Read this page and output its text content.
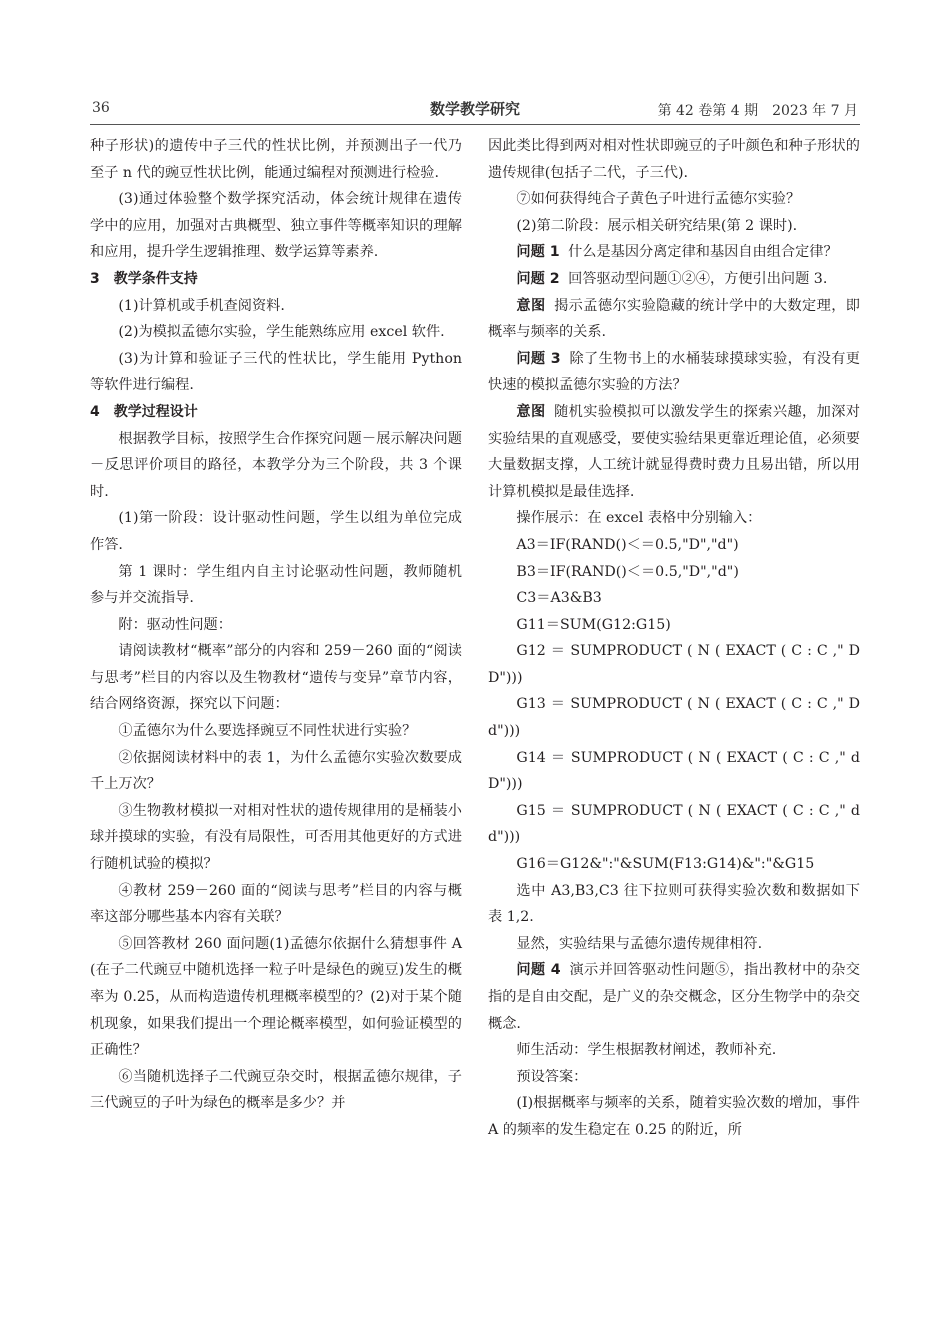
36	数学教学研究	第 42 卷第 4 期　2023 年 7 月

种子形状)的遗传中子三代的性状比例，并预测出子一代乃至子 n 代的豌豆性状比例，能通过编程对预测进行检验.

(3)通过体验整个数学探究活动，体会统计规律在遗传学中的应用，加强对古典概型、独立事件等概率知识的理解和应用，提升学生逻辑推理、数学运算等素养.

3　教学条件支持

(1)计算机或手机查阅资料.

(2)为模拟孟德尔实验，学生能熟练应用 excel 软件.

(3)为计算和验证子三代的性状比，学生能用 Python 等软件进行编程.

4　教学过程设计

根据教学目标，按照学生合作探究问题－展示解决问题－反思评价项目的路径，本教学分为三个阶段，共 3 个课时.

(1)第一阶段：设计驱动性问题，学生以组为单位完成作答.

第 1 课时：学生组内自主讨论驱动性问题，教师随机参与并交流指导.

附：驱动性问题：

请阅读教材“概率”部分的内容和 259－260 面的“阅读与思考”栏目的内容以及生物教材“遗传与变异”章节内容，结合网络资源，探究以下问题：

①孟德尔为什么要选择豌豆不同性状进行实验？

②依据阅读材料中的表 1，为什么孟德尔实验次数要成千上万次？

③生物教材模拟一对相对性状的遗传规律用的是桶装小球并摸球的实验，有没有局限性，可否用其他更好的方式进行随机试验的模拟？

④教材 259－260 面的“阅读与思考”栏目的内容与概率这部分哪些基本内容有关联？

⑤回答教材 260 面问题(1)孟德尔依据什么猜想事件 A(在子二代豌豆中随机选择一粒子叶是绿色的豌豆)发生的概率为 0.25，从而构造遗传机理概率模型的？(2)对于某个随机现象，如果我们提出一个理论概率模型，如何验证模型的正确性？

⑥当随机选择子二代豌豆杂交时，根据孟德尔规律，子三代豌豆的子叶为绿色的概率是多少？并

因此类比得到两对相对性状即豌豆的子叶颜色和种子形状的遗传规律(包括子二代，子三代).

⑦如何获得纯合子黄色子叶进行孟德尔实验？

(2)第二阶段：展示相关研究结果(第 2 课时).

问题 1 什么是基因分离定律和基因自由组合定律？

问题 2 回答驱动型问题①②④，方便引出问题 3.

意图 揭示孟德尔实验隐藏的统计学中的大数定理，即概率与频率的关系.

问题 3 除了生物书上的水桶装球摸球实验，有没有更快速的模拟孟德尔实验的方法？

意图 随机实验模拟可以激发学生的探索兴趣，加深对实验结果的直观感受，要使实验结果更靠近理论值，必须要大量数据支撑，人工统计就显得费时费力且易出错，所以用计算机模拟是最佳选择.

操作展示：在 excel 表格中分别输入：

A3＝IF(RAND()＜＝0.5,"D","d")

B3＝IF(RAND()＜＝0.5,"D","d")

C3＝A3&B3

G11＝SUM(G12:G15)

G12 ＝ SUMPRODUCT ( N ( EXACT ( C : C ," DD")))

G13 ＝ SUMPRODUCT ( N ( EXACT ( C : C ," Dd")))

G14 ＝ SUMPRODUCT ( N ( EXACT ( C : C ," dD")))

G15 ＝ SUMPRODUCT ( N ( EXACT ( C : C ," dd")))

G16＝G12&":"&SUM(F13:G14)&":"&G15

选中 A3,B3,C3 往下拉则可获得实验次数和数据如下表 1,2.

显然，实验结果与孟德尔遗传规律相符.

问题 4 演示并回答驱动性问题⑤，指出教材中的杂交指的是自由交配，是广义的杂交概念，区分生物学中的杂交概念.

师生活动：学生根据教材阐述，教师补充.

预设答案：

(Ⅰ)根据概率与频率的关系，随着实验次数的增加，事件 A 的频率的发生稳定在 0.25 的附近，所
